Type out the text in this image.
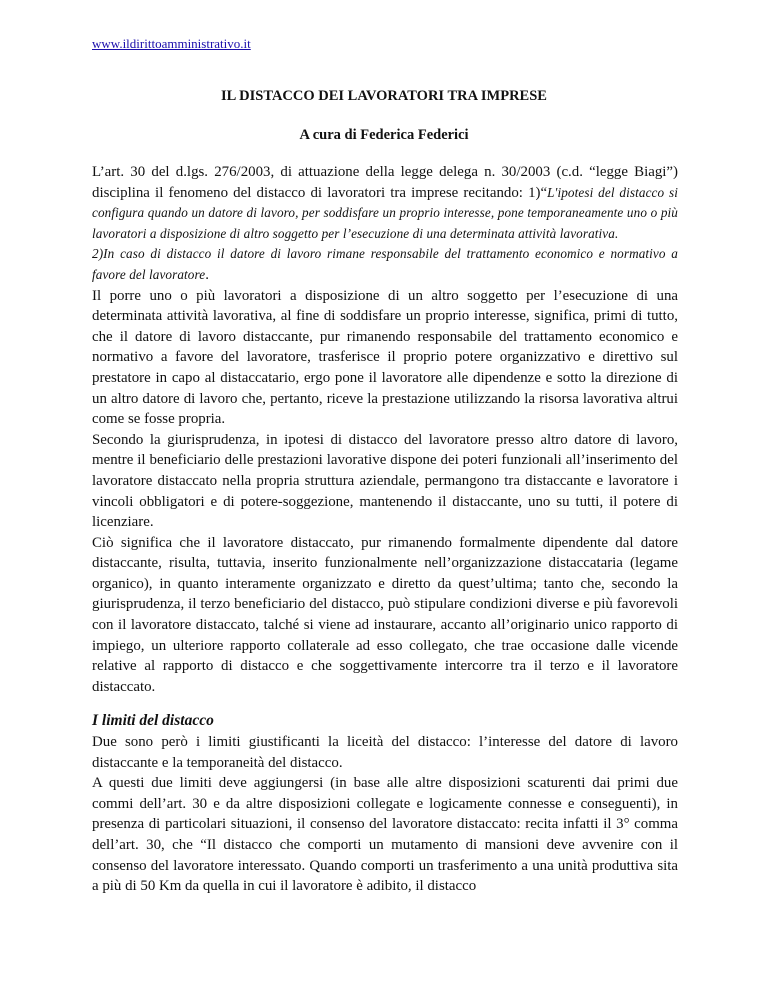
www.ildirittoamministrativo.it
IL DISTACCO DEI LAVORATORI TRA IMPRESE
A cura di Federica Federici

L’art. 30 del d.lgs. 276/2003, di attuazione della legge delega n. 30/2003 (c.d. “legge Biagi”) disciplina il fenomeno del distacco di lavoratori tra imprese recitando: 1)“L'ipotesi del distacco si configura quando un datore di lavoro, per soddisfare un proprio interesse, pone temporaneamente uno o più lavoratori a disposizione di altro soggetto per l’esecuzione di una determinata attività lavorativa.

2)In caso di distacco il datore di lavoro rimane responsabile del trattamento economico e normativo a favore del lavoratore.

Il porre uno o più lavoratori a disposizione di un altro soggetto per l’esecuzione di una determinata attività lavorativa, al fine di soddisfare un proprio interesse, significa, primi di tutto, che il datore di lavoro distaccante, pur rimanendo responsabile del trattamento economico e normativo a favore del lavoratore, trasferisce il proprio potere organizzativo e direttivo sul prestatore in capo al distaccatario, ergo pone il lavoratore alle dipendenze e sotto la direzione di un altro datore di lavoro che, pertanto, riceve la prestazione utilizzando la risorsa lavorativa altrui come se fosse propria.

Secondo la giurisprudenza, in ipotesi di distacco del lavoratore presso altro datore di lavoro, mentre il beneficiario delle prestazioni lavorative dispone dei poteri funzionali all’inserimento del lavoratore distaccato nella propria struttura aziendale, permangono tra distaccante e lavoratore i vincoli obbligatori e di potere-soggezione, mantenendo il distaccante, uno su tutti, il potere di licenziare.

Ciò significa che il lavoratore distaccato, pur rimanendo formalmente dipendente dal datore distaccante, risulta, tuttavia, inserito funzionalmente nell’organizzazione distaccataria (legame organico), in quanto interamente organizzato e diretto da quest’ultima; tanto che, secondo la giurisprudenza, il terzo beneficiario del distacco, può stipulare condizioni diverse e più favorevoli con il lavoratore distaccato, talché si viene ad instaurare, accanto all’originario unico rapporto di impiego, un ulteriore rapporto collaterale ad esso collegato, che trae occasione dalle vicende relative al rapporto di distacco e che soggettivamente intercorre tra il terzo e il lavoratore distaccato.

I limiti del distacco

Due sono però i limiti giustificanti la liceità del distacco: l’interesse del datore di lavoro distaccante e la temporaneità del distacco.

A questi due limiti deve aggiungersi (in base alle altre disposizioni scaturenti dai primi due commi dell’art. 30 e da altre disposizioni collegate e logicamente connesse e conseguenti), in presenza di particolari situazioni, il consenso del lavoratore distaccato: recita infatti il 3° comma dell’art. 30, che “Il distacco che comporti un mutamento di mansioni deve avvenire con il consenso del lavoratore interessato. Quando comporti un trasferimento a una unità produttiva sita a più di 50 Km da quella in cui il lavoratore è adibito, il distacco
